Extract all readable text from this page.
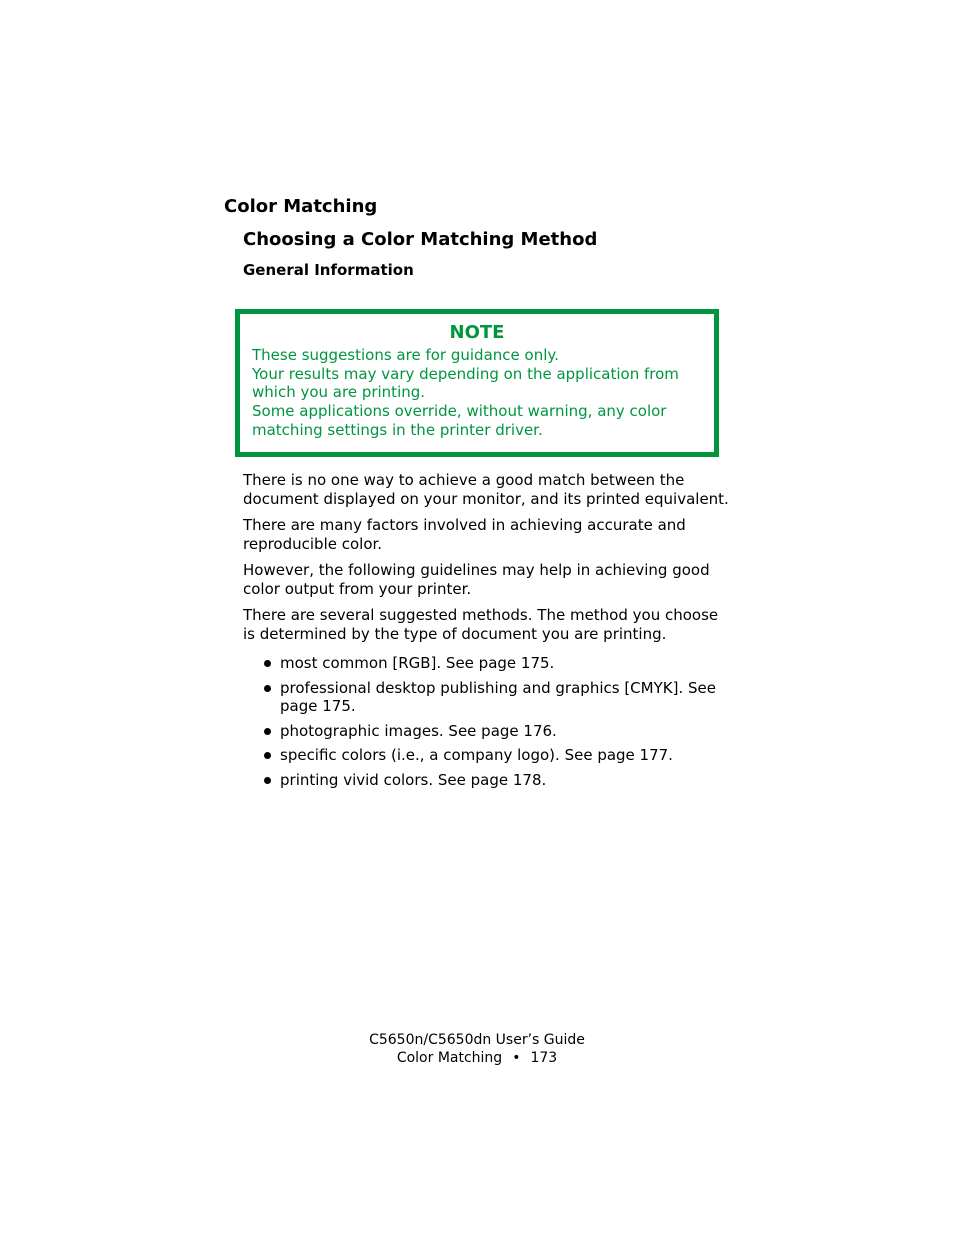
Color Matching
Choosing a Color Matching Method
General Information

NOTE

These suggestions are for guidance only.

Your results may vary depending on the application from

which you are printing.

Some applications override, without warning, any color

matching settings in the printer driver.

There is no one way to achieve a good match between the document displayed on your monitor, and its printed equivalent.

There are many factors involved in achieving accurate and reproducible color.

However, the following guidelines may help in achieving good color output from your printer.

There are several suggested methods. The method you choose is determined by the type of document you are printing.

most common [RGB]. See page 175.
professional desktop publishing and graphics [CMYK]. See page 175.
photographic images. See page 176.
specific colors (i.e., a company logo). See page 177.
printing vivid colors. See page 178.
C5650n/C5650dn User’s Guide
Color Matching • 173
